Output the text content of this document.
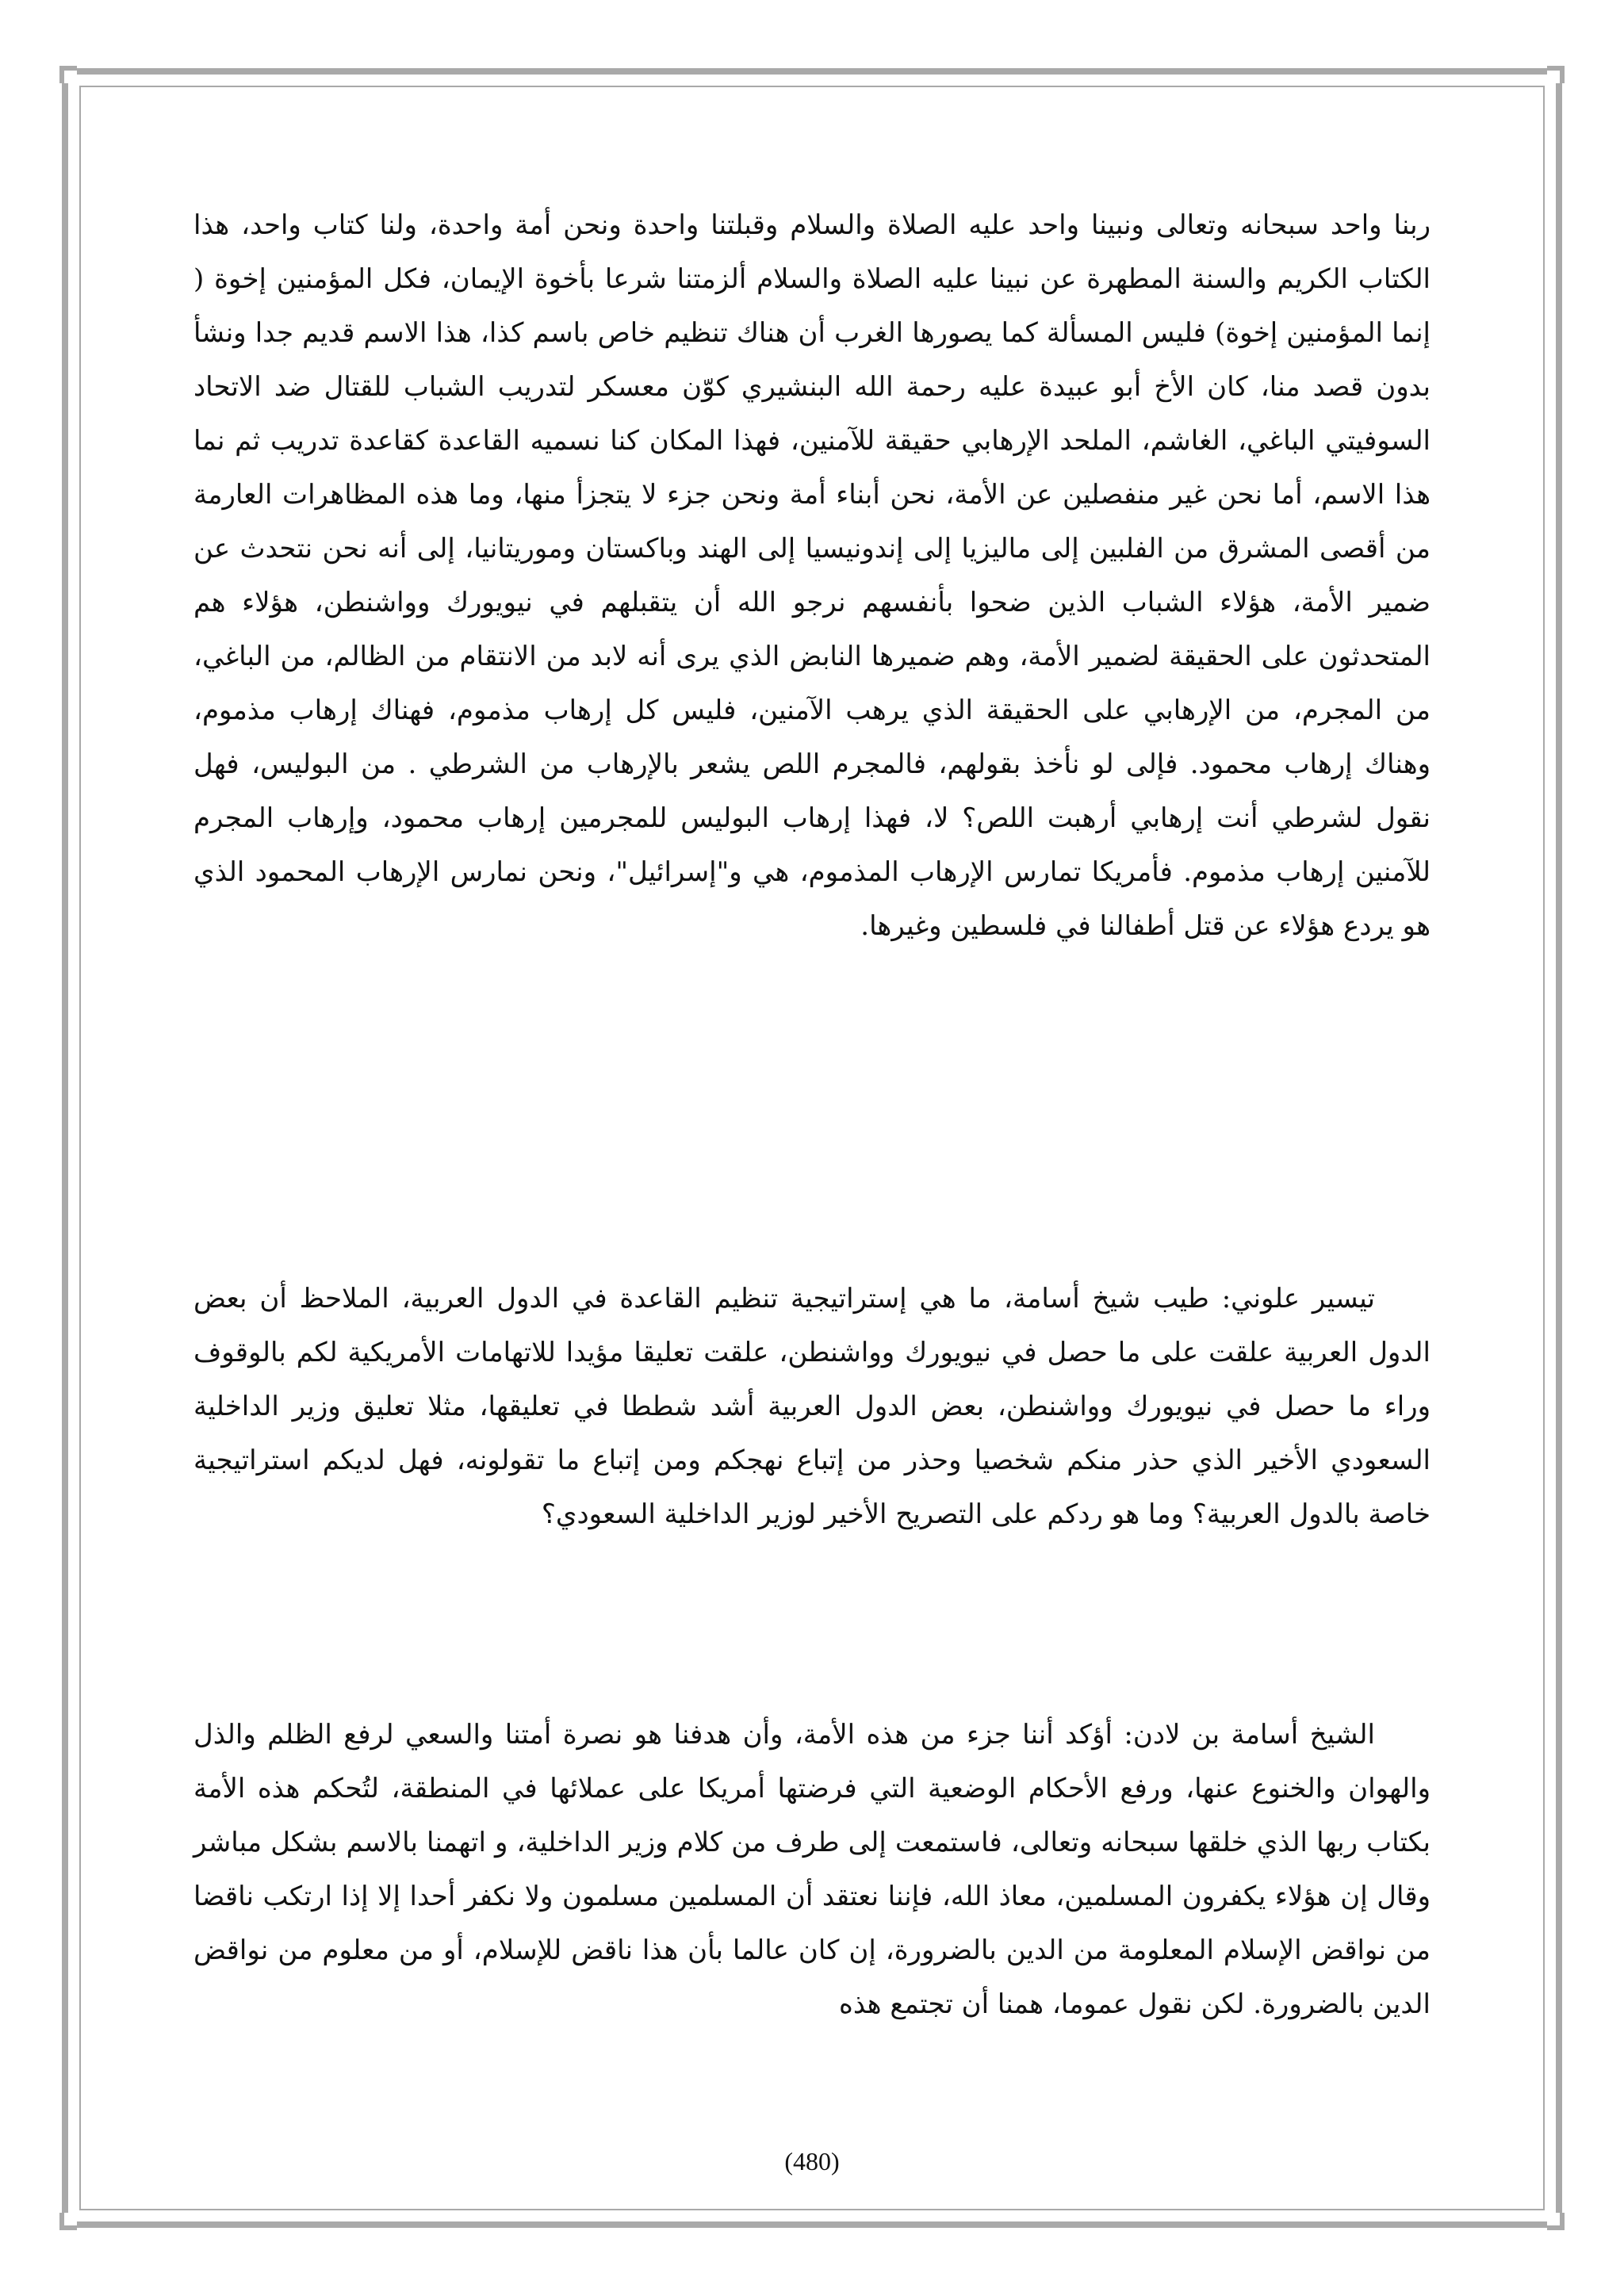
ربنا واحد سبحانه وتعالى ونبينا واحد عليه الصلاة والسلام وقبلتنا واحدة ونحن أمة واحدة، ولنا كتاب واحد، هذا الكتاب الكريم والسنة المطهرة عن نبينا عليه الصلاة والسلام ألزمتنا شرعا بأخوة الإيمان، فكل المؤمنين إخوة ( إنما المؤمنين إخوة) فليس المسألة كما يصورها الغرب أن هناك تنظيم خاص باسم كذا، هذا الاسم قديم جدا ونشأ بدون قصد منا، كان الأخ أبو عبيدة عليه رحمة الله البنشيري كوّن معسكر لتدريب الشباب للقتال ضد الاتحاد السوفيتي الباغي، الغاشم، الملحد الإرهابي حقيقة للآمنين، فهذا المكان كنا نسميه القاعدة كقاعدة تدريب ثم نما هذا الاسم، أما نحن غير منفصلين عن الأمة، نحن أبناء أمة ونحن جزء لا يتجزأ منها، وما هذه المظاهرات العارمة من أقصى المشرق من الفلبين إلى ماليزيا إلى إندونيسيا إلى الهند وباكستان وموريتانيا، إلى أنه نحن نتحدث عن ضمير الأمة، هؤلاء الشباب الذين ضحوا بأنفسهم نرجو الله أن يتقبلهم في نيويورك وواشنطن، هؤلاء هم المتحدثون على الحقيقة لضمير الأمة، وهم ضميرها النابض الذي يرى أنه لابد من الانتقام من الظالم، من الباغي، من المجرم، من الإرهابي على الحقيقة الذي يرهب الآمنين، فليس كل إرهاب مذموم، فهناك إرهاب مذموم، وهناك إرهاب محمود. فإلى لو نأخذ بقولهم، فالمجرم اللص يشعر بالإرهاب من الشرطي . من البوليس، فهل نقول لشرطي أنت إرهابي أرهبت اللص؟ لا، فهذا إرهاب البوليس للمجرمين إرهاب محمود، وإرهاب المجرم للآمنين إرهاب مذموم. فأمريكا تمارس الإرهاب المذموم، هي و"إسرائيل"، ونحن نمارس الإرهاب المحمود الذي هو يردع هؤلاء عن قتل أطفالنا في فلسطين وغيرها.

تيسير علوني: طيب شيخ أسامة، ما هي إستراتيجية تنظيم القاعدة في الدول العربية، الملاحظ أن بعض الدول العربية علقت على ما حصل في نيويورك وواشنطن، علقت تعليقا مؤيدا للاتهامات الأمريكية لكم بالوقوف وراء ما حصل في نيويورك وواشنطن، بعض الدول العربية أشد شططا في تعليقها، مثلا تعليق وزير الداخلية السعودي الأخير الذي حذر منكم شخصيا وحذر من إتباع نهجكم ومن إتباع ما تقولونه، فهل لديكم استراتيجية خاصة بالدول العربية؟ وما هو ردكم على التصريح الأخير لوزير الداخلية السعودي؟

الشيخ أسامة بن لادن: أؤكد أننا جزء من هذه الأمة، وأن هدفنا هو نصرة أمتنا والسعي لرفع الظلم والذل والهوان والخنوع عنها، ورفع الأحكام الوضعية التي فرضتها أمريكا على عملائها في المنطقة، لتُحكم هذه الأمة بكتاب ربها الذي خلقها سبحانه وتعالى، فاستمعت إلى طرف من كلام وزير الداخلية، و اتهمنا بالاسم بشكل مباشر وقال إن هؤلاء يكفرون المسلمين، معاذ الله، فإننا نعتقد أن المسلمين مسلمون ولا نكفر أحدا إلا إذا ارتكب ناقضا من نواقض الإسلام المعلومة من الدين بالضرورة، إن كان عالما بأن هذا ناقض للإسلام، أو من معلوم من نواقض الدين بالضرورة. لكن نقول عموما، همنا أن تجتمع هذه

(480)
